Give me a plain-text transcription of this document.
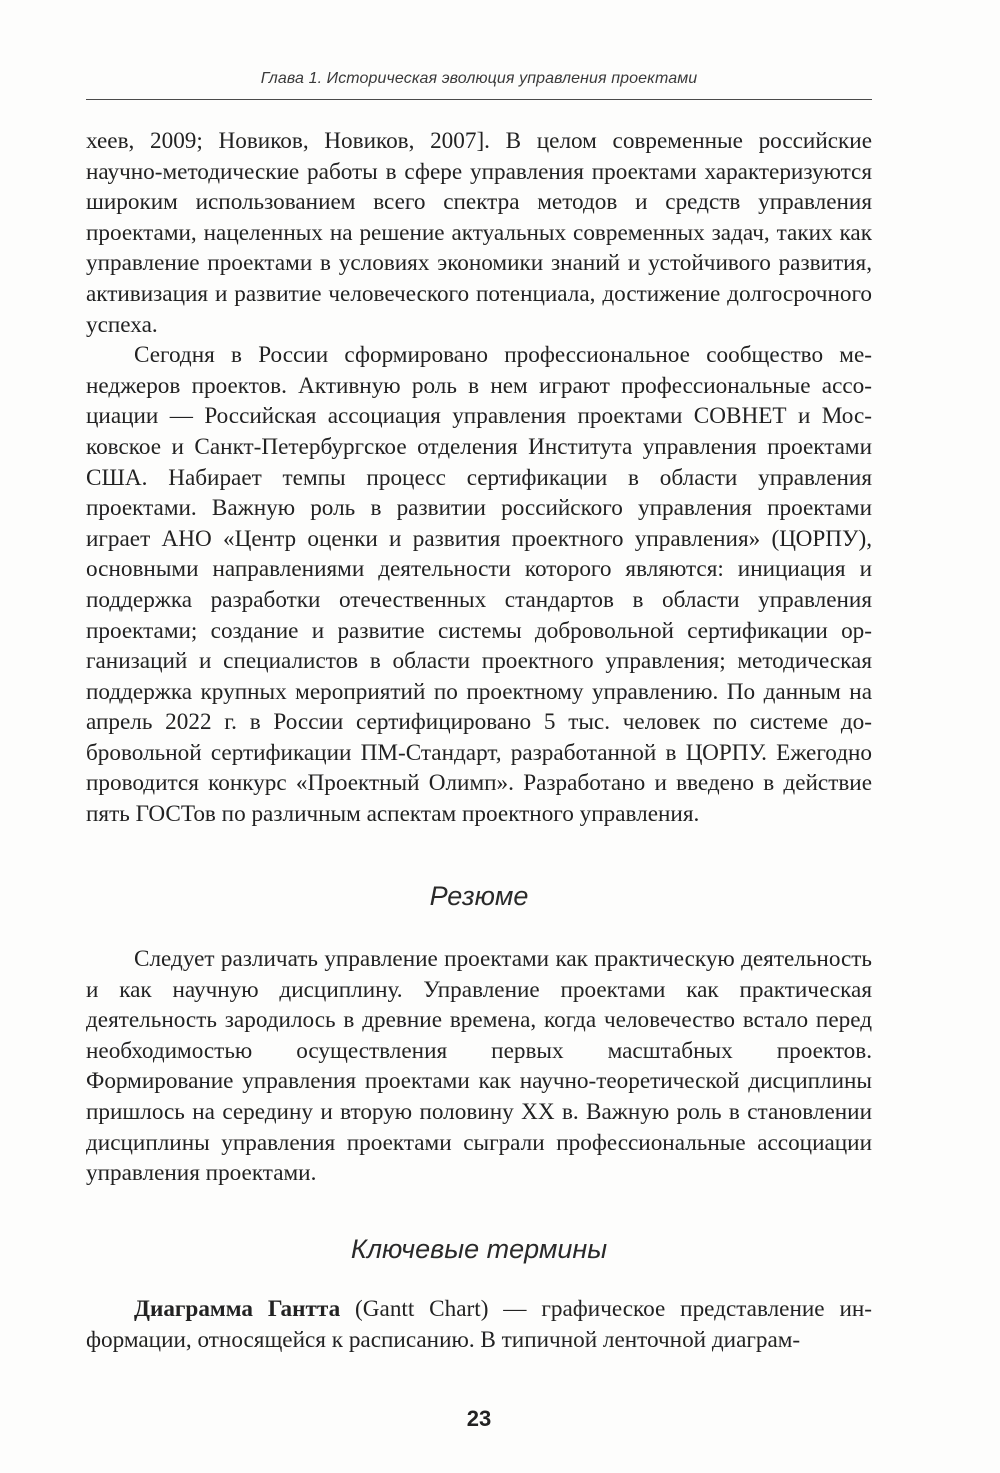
Глава 1. Историческая эволюция управления проектами

хеев, 2009; Новиков, Новиков, 2007]. В целом современные российские научно-методические работы в сфере управления проектами характеризуются широким использованием всего спектра методов и средств управления проектами, нацеленных на решение актуальных современных задач, таких как управление проектами в условиях экономики знаний и устойчивого развития, активизация и развитие человеческого потенциала, достижение долгосрочного успеха.

Сегодня в России сформировано профессиональное сообщество менеджеров проектов. Активную роль в нем играют профессиональные ассоциации — Российская ассоциация управления проектами СОВНЕТ и Московское и Санкт-Петербургское отделения Института управления проектами США. Набирает темпы процесс сертификации в области управления проектами. Важную роль в развитии российского управления проектами играет АНО «Центр оценки и развития проектного управления» (ЦОРПУ), основными направлениями деятельности которого являются: инициация и поддержка разработки отечественных стандартов в области управления проектами; создание и развитие системы добровольной сертификации организаций и специалистов в области проектного управления; методическая поддержка крупных мероприятий по проектному управлению. По данным на апрель 2022 г. в России сертифицировано 5 тыс. человек по системе добровольной сертификации ПМ-Стандарт, разработанной в ЦОРПУ. Ежегодно проводится конкурс «Проектный Олимп». Разработано и введено в действие пять ГОСТов по различным аспектам проектного управления.

Резюме

Следует различать управление проектами как практическую деятельность и как научную дисциплину. Управление проектами как практическая деятельность зародилось в древние времена, когда человечество встало перед необходимостью осуществления первых масштабных проектов. Формирование управления проектами как научно-теоретической дисциплины пришлось на середину и вторую половину XX в. Важную роль в становлении дисциплины управления проектами сыграли профессиональные ассоциации управления проектами.

Ключевые термины

Диаграмма Гантта (Gantt Chart) — графическое представление информации, относящейся к расписанию. В типичной ленточной диаграм-

23
